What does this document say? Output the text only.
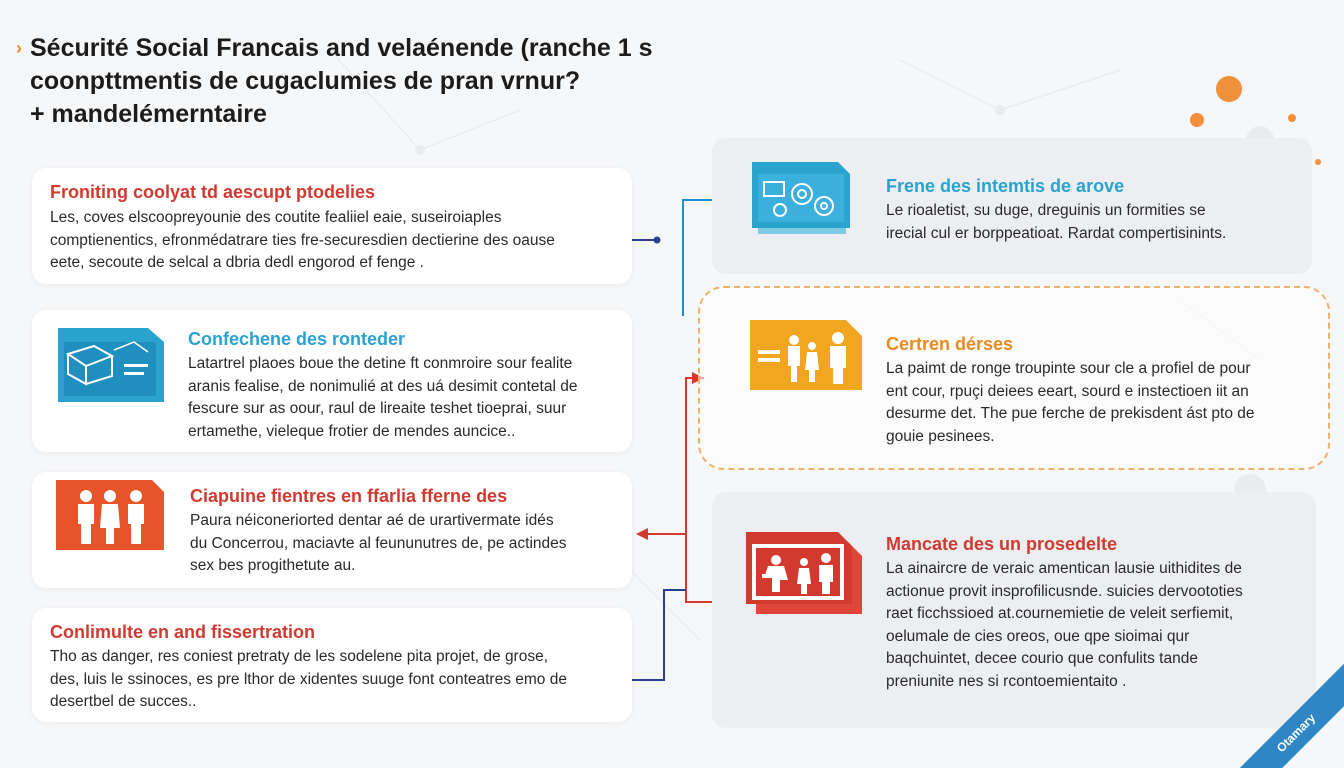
› Sécurité Social Francais and velaénende (ranche 1 s
coonpttmentis de cugaclumies de pran vrnur?
+ mandelémerntaire
Froniting coolyat td aescupt ptodelies

Les, coves elscoopreyounie des coutite fealiiel eaie, suseiroiaples
comptienentics, efronmédatrare ties fre-securesdien dectierine des oause
eete, secoute de selcal a dbria dedl engorod ef fenge .

Confechene des ronteder

Latartrel plaoes boue the detine ft conmroire sour fealite
aranis fealise, de nonimulié at des uá desimit contetal de
fescure sur as oour, raul de lireaite teshet tioeprai, suur
ertamethe, vieleque frotier de mendes auncice..

Ciapuine fientres en ffarlia fferne des

Paura néiconeriorted dentar aé de urartivermate idés
du Concerrou, maciavte al feununutres de, pe actindes
sex bes progithetute au.

Conlimulte en and fissertration

Tho as danger, res coniest pretraty de les sodelene pita projet, de grose,
des, luis le ssinoces, es pre lthor de xidentes suuge font conteatres emo de
desertbel de succes..

Frene des intemtis de arove

Le rioaletist, su duge, dreguinis un formities se
irecial cul er borppeatioat. Rardat compertisinints.

Certren dérses

La paimt de ronge troupinte sour cle a profiel de pour
ent cour, rpuçi deiees eeart, sourd e instectioen iit an
desurme det. The pue ferche de prekisdent ást pto de
gouie pesinees.

Mancate des un prosedelte

La ainaircre de veraic amentican lausie uithidites de
actionue provit insprofilicusnde. suicies dervoototies
raet ficchssioed at.cournemietie de veleit serfiemit,
oelumale de cies oreos, oue qpe sioimai qur
baqchuintet, decee courio que confulits tande
preniunite nes si rcontoemientaito .

Otamary
